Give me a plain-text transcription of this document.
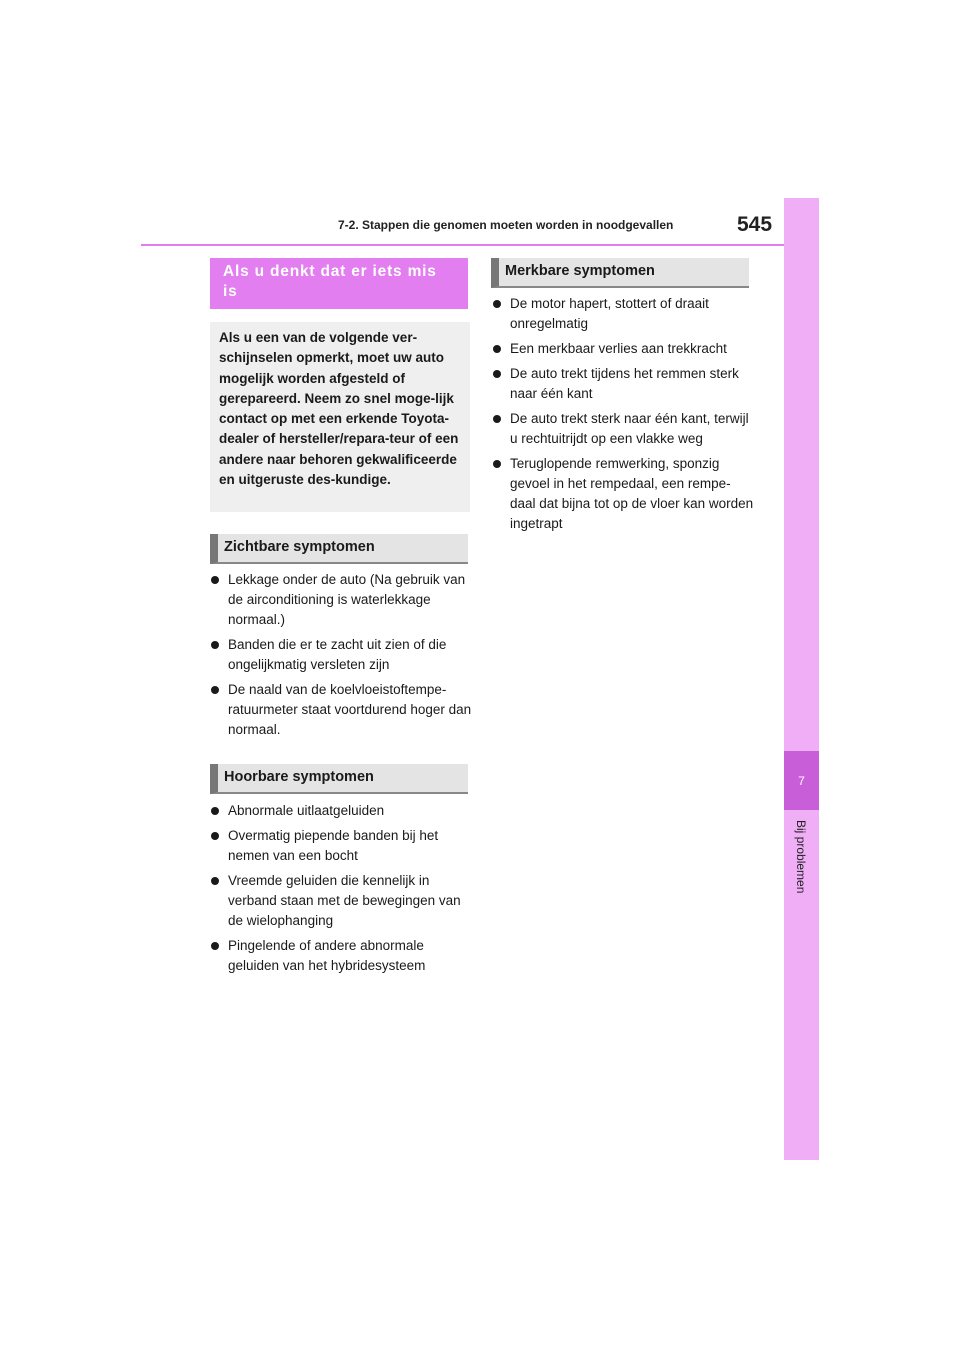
7
Bij problemen
7-2. Stappen die genomen moeten worden in noodgevallen	545
Als u denkt dat er iets mis is

Als u een van de volgende ver-schijnselen opmerkt, moet uw auto mogelijk worden afgesteld of gerepareerd. Neem zo snel moge-lijk contact op met een erkende Toyota-dealer of hersteller/repara-teur of een andere naar behoren gekwalificeerde en uitgeruste des-kundige.

Zichtbare symptomen
Lekkage onder de auto (Na gebruik van de airconditioning is waterlekkage normaal.)
Banden die er te zacht uit zien of die ongelijkmatig versleten zijn
De naald van de koelvloeistoftempe-ratuurmeter staat voortdurend hoger dan normaal.
Hoorbare symptomen
Abnormale uitlaatgeluiden
Overmatig piepende banden bij het nemen van een bocht
Vreemde geluiden die kennelijk in verband staan met de bewegingen van de wielophanging
Pingelende of andere abnormale geluiden van het hybridesysteem
Merkbare symptomen
De motor hapert, stottert of draait onregelmatig
Een merkbaar verlies aan trekkracht
De auto trekt tijdens het remmen sterk naar één kant
De auto trekt sterk naar één kant, terwijl u rechtuitrijdt op een vlakke weg
Teruglopende remwerking, sponzig gevoel in het rempedaal, een rempe-daal dat bijna tot op de vloer kan worden ingetrapt
